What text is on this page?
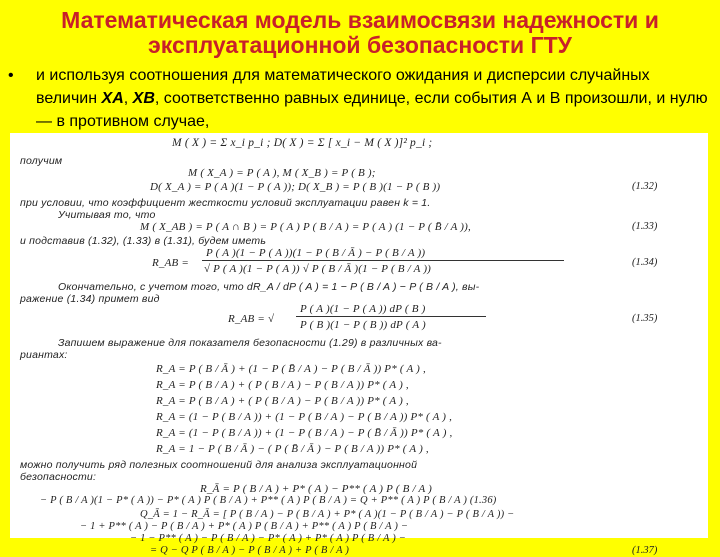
Математическая модель взаимосвязи надежности и
эксплуатационной безопасности ГТУ
•	и используя соотношения для математического ожидания и дисперсии случайных величин XA, XB, соответственно равных единице, если события А и В произошли, и нулю — в противном случае,
M ( X ) = Σ x_i p_i ; D( X ) = Σ [ x_i − M ( X )]² p_i ;
получим
M ( X_A ) = P ( A ), M ( X_B ) = P ( B );
D( X_A ) = P ( A )(1 − P ( A )); D( X_B ) = P ( B )(1 − P ( B ))	(1.32)
при условии, что коэффициент жесткости условий эксплуатации равен k = 1.
Учитывая то, что
M ( X_AB ) = P ( A ∩ B ) = P ( A ) P ( B / A ) = P ( A ) (1 − P ( B̄ / A )),	(1.33)
и подставив (1.32), (1.33) в (1.31), будем иметь
R_AB =
P ( A )(1 − P ( A ))(1 − P ( B / Ā ) − P ( B / A ))
√ P ( A )(1 − P ( A )) √ P ( B / Ā )(1 − P ( B / A ))
(1.34)
Окончательно, с учетом того, что dR_A / dP ( A ) = 1 − P ( B / A ) − P ( B / A ), вы-
ражение (1.34) примет вид
R_AB = √
P ( A )(1 − P ( A )) dP ( B )
P ( B )(1 − P ( B )) dP ( A )
(1.35)
Запишем выражение для показателя безопасности (1.29) в различных ва-
риантах:
R_A = P ( B / Ā ) + (1 − P ( B̄ / A ) − P ( B / Ā )) P* ( A ) ,
R_A = P ( B / A ) + ( P ( B / A ) − P ( B / A )) P* ( A ) ,
R_A = P ( B / A ) + ( P ( B / A ) − P ( B / A )) P* ( A ) ,
R_A = (1 − P ( B / A )) + (1 − P ( B / A ) − P ( B / A )) P* ( A ) ,
R_A = (1 − P ( B / A )) + (1 − P ( B / A ) − P ( B̄ / Ā )) P* ( A ) ,
R_A = 1 − P ( B / Ā ) − ( P ( B̄ / Ā ) − P ( B / A )) P* ( A ) ,
можно получить ряд полезных соотношений для анализа эксплуатационной
безопасности:
R_Ā = P ( B / A ) + P* ( A ) − P** ( A ) P ( B / A )
− P ( B / A )(1 − P* ( A )) − P* ( A ) P ( B / A ) + P** ( A ) P ( B / A ) = Q + P** ( A ) P ( B / A ) (1.36)
Q_Ā = 1 − R_Ā = [ P ( B / A ) − P ( B / A ) + P* ( A )(1 − P ( B / A ) − P ( B / A )) −
− 1 + P** ( A ) − P ( B / A ) + P* ( A ) P ( B / A ) + P** ( A ) P ( B / A ) −
− 1 − P** ( A ) − P ( B / A ) − P* ( A ) + P* ( A ) P ( B / A ) −
= Q − Q P ( B / A ) − P ( B / A ) + P ( B / A )	(1.37)
